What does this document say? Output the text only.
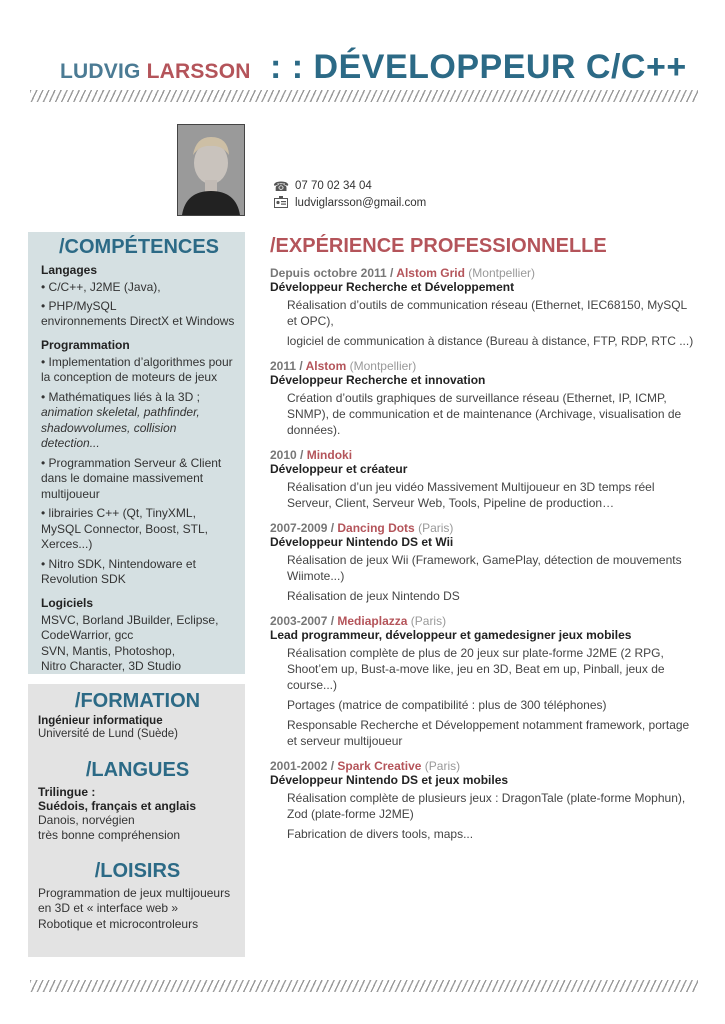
LUDVIG LARSSON : : DÉVELOPPEUR C/C++
☎ 07 70 02 34 04
ludviglarsson@gmail.com
/COMPÉTENCES
Langages
• C/C++, J2ME (Java),
• PHP/MySQL
environnements DirectX et Windows
Programmation
• Implementation d’algorithmes pour la conception de moteurs de jeux
• Mathématiques liés à la 3D ;
animation skeletal, pathfinder, shadowvolumes, collision detection...
• Programmation Serveur & Client dans le domaine massivement multijoueur
• librairies C++ (Qt, TinyXML, MySQL Connector, Boost, STL, Xerces...)
• Nitro SDK, Nintendoware et Revolution SDK
Logiciels
MSVC, Borland JBuilder, Eclipse, CodeWarrior, gcc
SVN, Mantis, Photoshop,
Nitro Character, 3D Studio
/FORMATION
Ingénieur informatique
Université de Lund (Suède)
/LANGUES
Trilingue :
Suédois, français et anglais
Danois, norvégien
très bonne compréhension
/LOISIRS
Programmation de jeux multijoueurs en 3D et « interface web »
Robotique et microcontroleurs
/EXPÉRIENCE PROFESSIONNELLE
Depuis octobre 2011 / Alstom Grid (Montpellier)
Développeur Recherche et Développement

Réalisation d’outils de communication réseau (Ethernet, IEC68150, MySQL et OPC),

logiciel de communication à distance (Bureau à distance, FTP, RDP, RTC ...)

2011 / Alstom (Montpellier)
Développeur Recherche et innovation

Création d’outils graphiques de surveillance réseau (Ethernet, IP, ICMP, SNMP), de communication et de maintenance (Archivage, visualisation de données).

2010 / Mindoki
Développeur et créateur

Réalisation d’un jeu vidéo Massivement Multijoueur en 3D temps réel Serveur, Client, Serveur Web, Tools, Pipeline de production…

2007-2009 / Dancing Dots (Paris)
Développeur Nintendo DS et Wii

Réalisation de jeux Wii (Framework, GamePlay, détection de mouvements Wiimote...)

Réalisation de jeux Nintendo DS

2003-2007 / Mediaplazza (Paris)
Lead programmeur, développeur et gamedesigner jeux mobiles

Réalisation complète de plus de 20 jeux sur plate-forme J2ME (2 RPG, Shoot’em up, Bust-a-move like, jeu en 3D, Beat em up, Pinball, jeux de course...)

Portages (matrice de compatibilité : plus de 300 téléphones)

Responsable Recherche et Développement notamment framework, portage et serveur multijoueur

2001-2002 / Spark Creative (Paris)
Développeur Nintendo DS et jeux mobiles

Réalisation complète de plusieurs jeux : DragonTale (plate-forme Mophun), Zod (plate-forme J2ME)

Fabrication de divers tools, maps...
